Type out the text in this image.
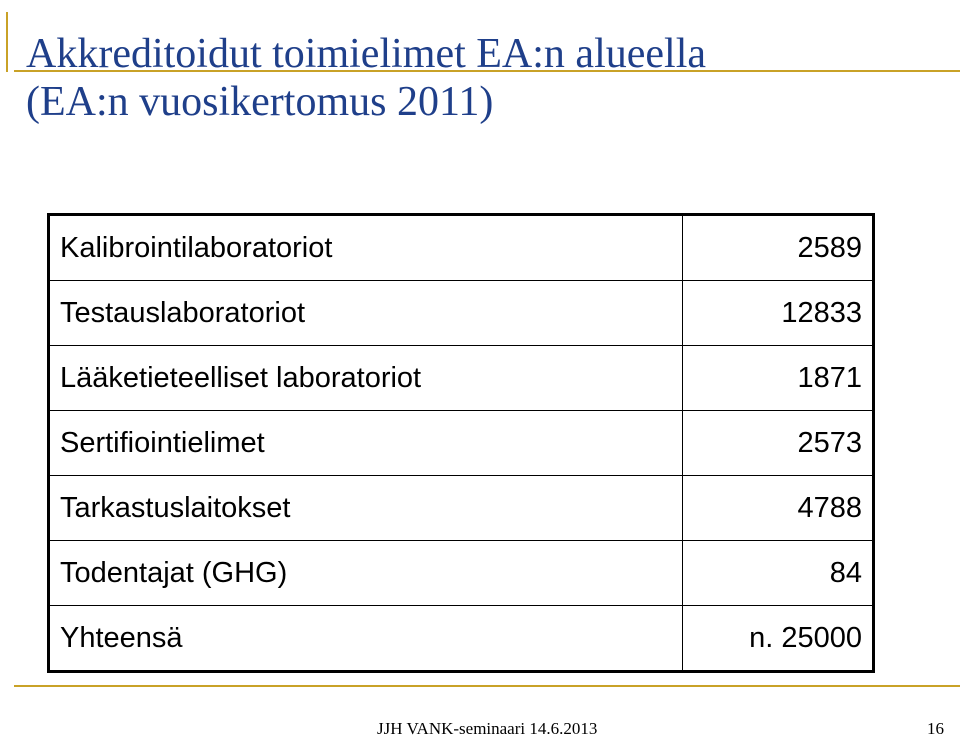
Akkreditoidut toimielimet EA:n alueella
(EA:n vuosikertomus 2011)
Kalibrointilaboratoriot	2589
Testauslaboratoriot	12833
Lääketieteelliset laboratoriot	1871
Sertifiointielimet	2573
Tarkastuslaitokset	4788
Todentajat (GHG)	84
Yhteensä	n. 25000
JJH VANK-seminaari 14.6.2013	16
